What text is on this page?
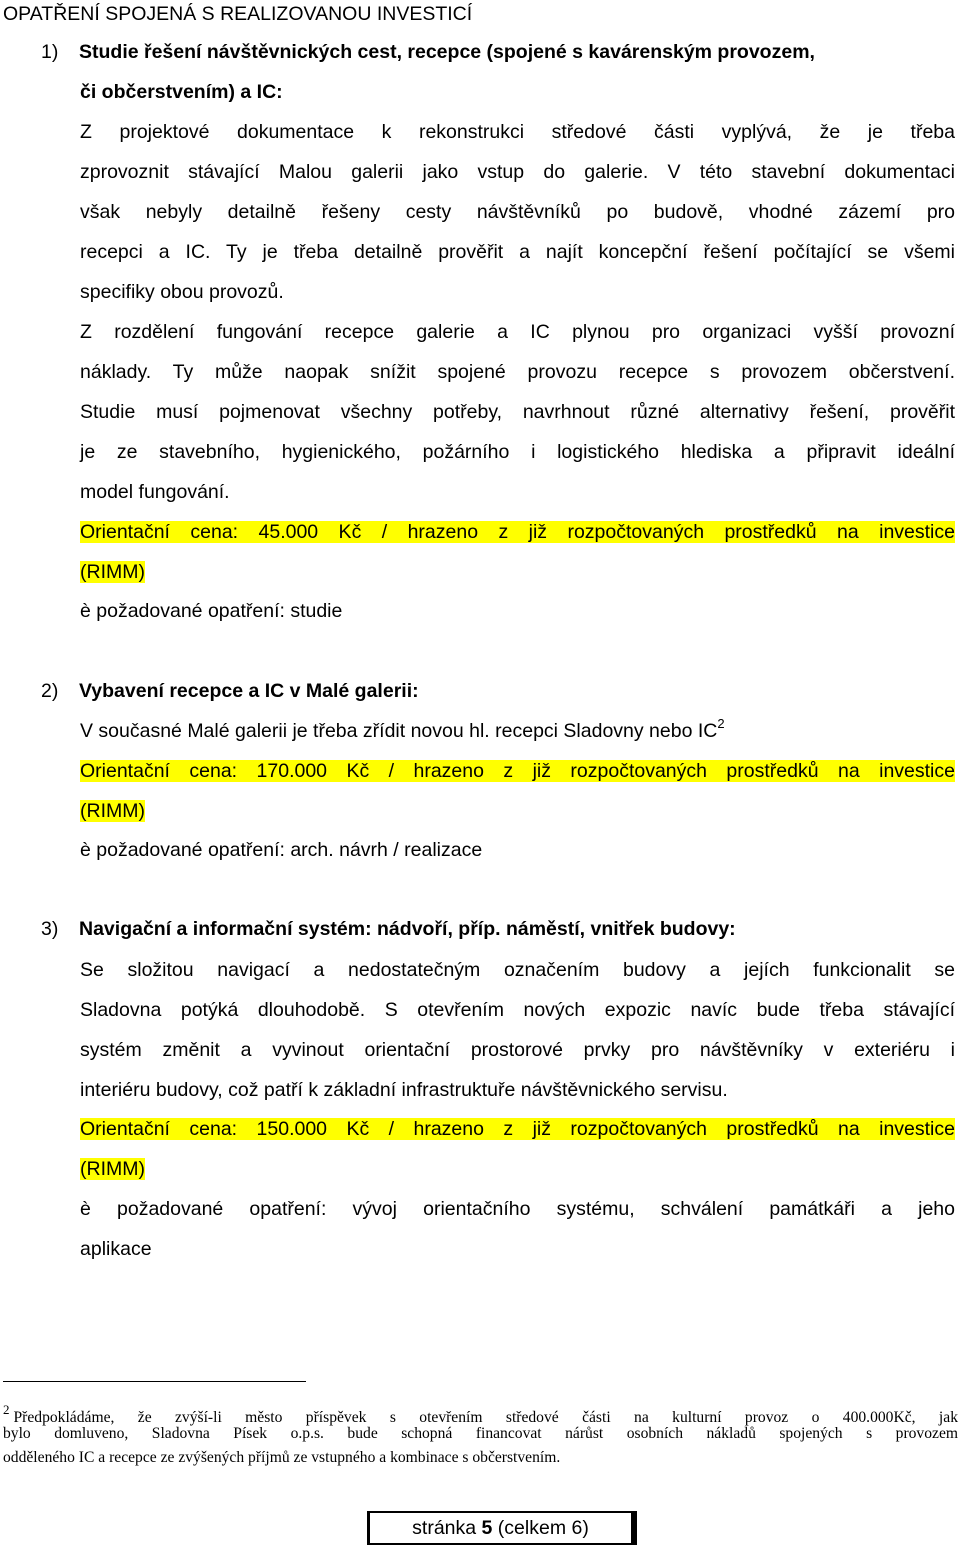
OPATŘENÍ SPOJENÁ S REALIZOVANOU INVESTICÍ
1) Studie řešení návštěvnických cest, recepce (spojené s kavárenským provozem,
či občerstvením) a IC:
Z projektové dokumentace k rekonstrukci středové části vyplývá, že je třeba
zprovoznit stávající Malou galerii jako vstup do galerie. V této stavební dokumentaci
však nebyly detailně řešeny cesty návštěvníků po budově, vhodné zázemí pro
recepci a IC. Ty je třeba detailně prověřit a najít koncepční řešení počítající se všemi
specifiky obou provozů.
Z rozdělení fungování recepce galerie a IC plynou pro organizaci vyšší provozní
náklady. Ty může naopak snížit spojené provozu recepce s provozem občerstvení.
Studie musí pojmenovat všechny potřeby, navrhnout různé alternativy řešení, prověřit
je ze stavebního, hygienického, požárního i logistického hlediska a připravit ideální
model fungování.
Orientační cena: 45.000 Kč / hrazeno z již rozpočtovaných prostředků na investice
(RIMM)
è požadované opatření: studie
2) Vybavení recepce a IC v Malé galerii:
V současné Malé galerii je třeba zřídit novou hl. recepci Sladovny nebo IC$^2$
Orientační cena: 170.000 Kč / hrazeno z již rozpočtovaných prostředků na investice
(RIMM)
è požadované opatření: arch. návrh / realizace
3) Navigační a informační systém: nádvoří, příp. náměstí, vnitřek budovy:
Se složitou navigací a nedostatečným označením budovy a jejích funkcionalit se
Sladovna potýká dlouhodobě. S otevřením nových expozic navíc bude třeba stávající
systém změnit a vyvinout orientační prostorové prvky pro návštěvníky v exteriéru i
interiéru budovy, což patří k základní infrastruktuře návštěvnického servisu.
Orientační cena: 150.000 Kč / hrazeno z již rozpočtovaných prostředků na investice
(RIMM)
è požadované opatření: vývoj orientačního systému, schválení památkáři a jeho
aplikace
$^2$ Předpokládáme, že zvýší-li město příspěvek s otevřením středové části na kulturní provoz o 400.000Kč, jak
bylo domluveno, Sladovna Písek o.p.s. bude schopná financovat nárůst osobních nákladů spojených s provozem
odděleného IC a recepce ze zvýšených příjmů ze vstupného a kombinace s občerstvením.
stránka 5 (celkem 6)
